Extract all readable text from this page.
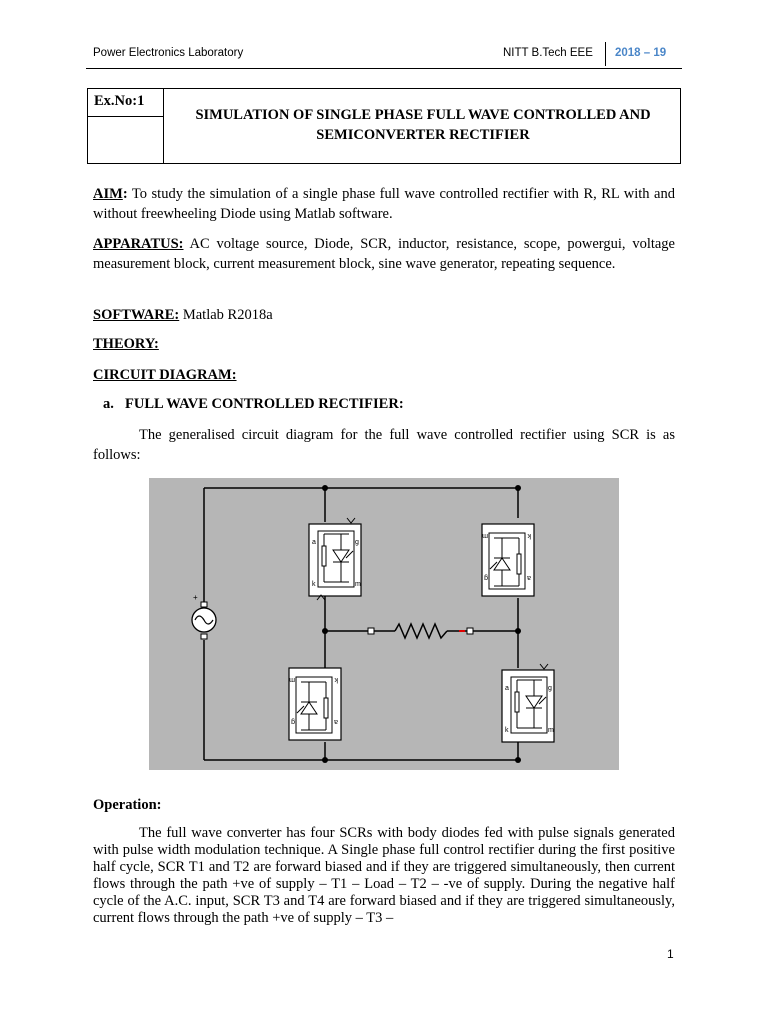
Power Electronics Laboratory	NITT B.Tech EEE 2018 – 19
Ex.No:1
SIMULATION OF SINGLE PHASE FULL WAVE CONTROLLED AND
SEMICONVERTER RECTIFIER
AIM: To study the simulation of a single phase full wave controlled rectifier with R, RL with and without freewheeling Diode using Matlab software.
APPARATUS: AC voltage source, Diode, SCR, inductor, resistance, scope, powergui, voltage measurement block, current measurement block, sine wave generator, repeating sequence.
SOFTWARE: Matlab R2018a
THEORY:
CIRCUIT DIAGRAM:
a. FULL WAVE CONTROLLED RECTIFIER:
The generalised circuit diagram for the full wave controlled rectifier using SCR is as follows:
+
a
k
g
m
a
k
g
m
a
k
g
m
a
k
g
m
Operation:
The full wave converter has four SCRs with body diodes fed with pulse signals generated with pulse width modulation technique. A Single phase full control rectifier during the first positive half cycle, SCR T1 and T2 are forward biased and if they are triggered simultaneously, then current flows through the path +ve of supply – T1 – Load – T2 – -ve of supply. During the negative half cycle of the A.C. input, SCR T3 and T4 are forward biased and if they are triggered simultaneously, current flows through the path +ve of supply – T3 –
1
